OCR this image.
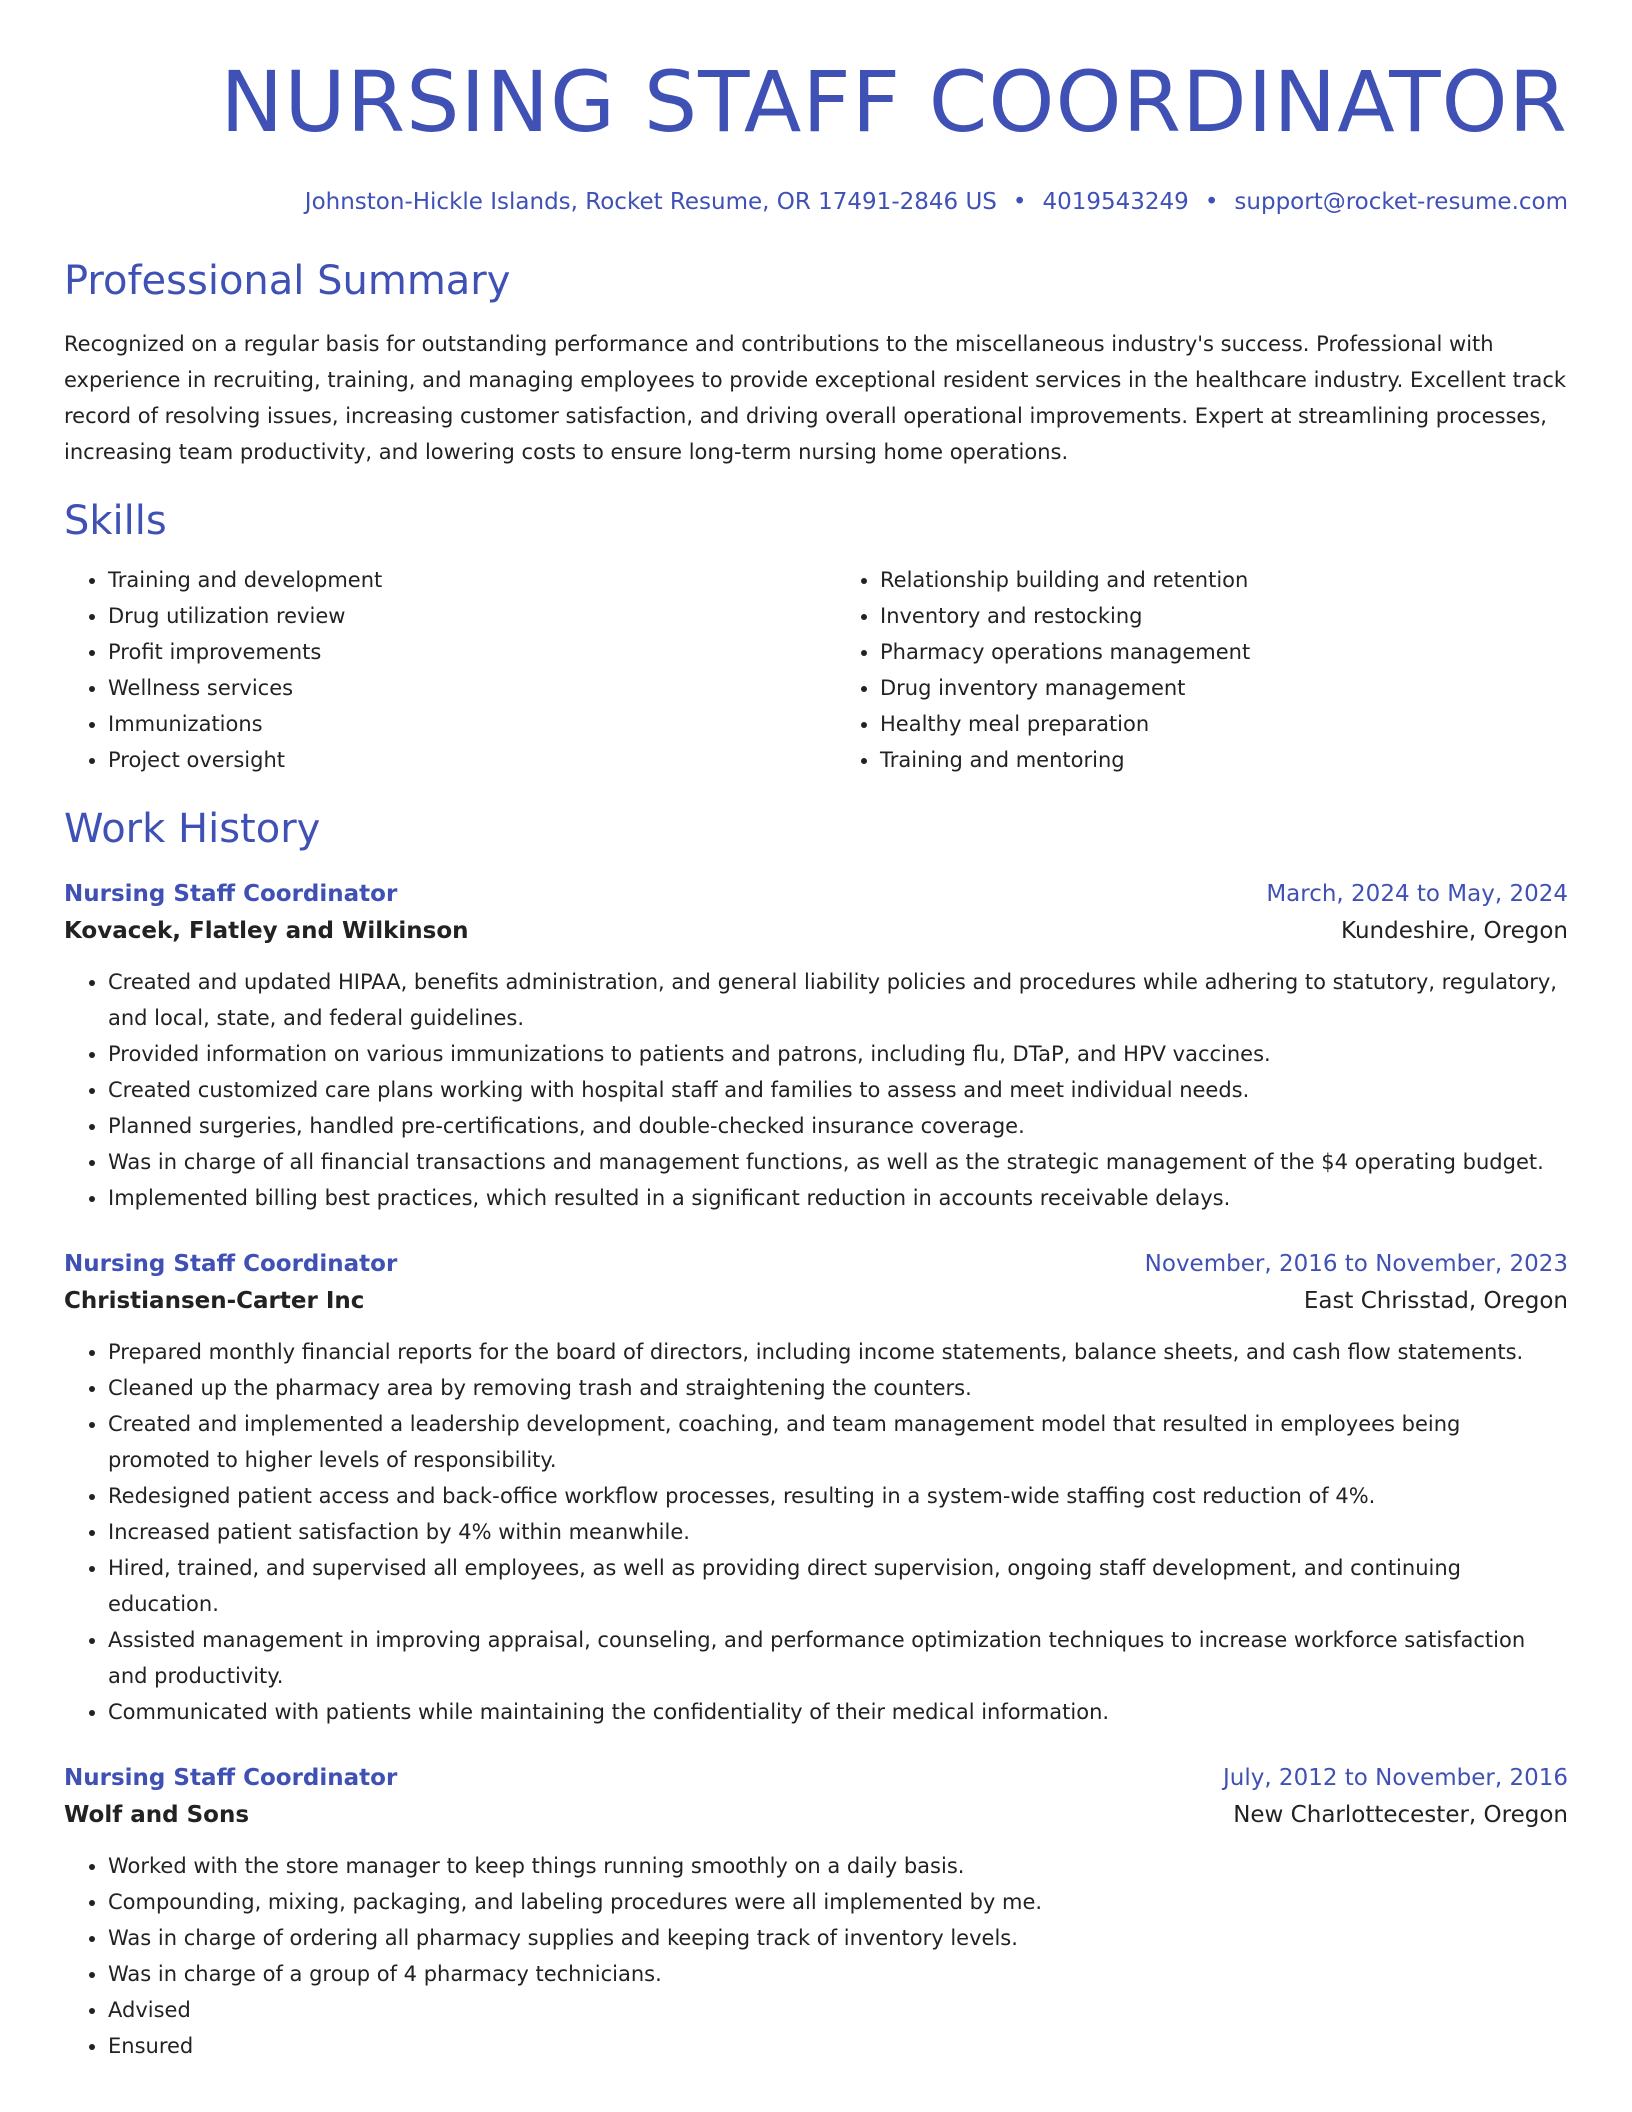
NURSING STAFF COORDINATOR
Johnston-Hickle Islands, Rocket Resume, OR 17491-2846 US • 4019543249 • support@rocket-resume.com
Professional Summary
Recognized on a regular basis for outstanding performance and contributions to the miscellaneous industry's success. Professional with experience in recruiting, training, and managing employees to provide exceptional resident services in the healthcare industry. Excellent track record of resolving issues, increasing customer satisfaction, and driving overall operational improvements. Expert at streamlining processes, increasing team productivity, and lowering costs to ensure long-term nursing home operations.
Skills
• Training and development
• Drug utilization review
• Profit improvements
• Wellness services
• Immunizations
• Project oversight
• Relationship building and retention
• Inventory and restocking
• Pharmacy operations management
• Drug inventory management
• Healthy meal preparation
• Training and mentoring
Work History
Nursing Staff Coordinator	March, 2024 to May, 2024
Kovacek, Flatley and Wilkinson	Kundeshire, Oregon
• Created and updated HIPAA, benefits administration, and general liability policies and procedures while adhering to statutory, regulatory, and local, state, and federal guidelines.
• Provided information on various immunizations to patients and patrons, including flu, DTaP, and HPV vaccines.
• Created customized care plans working with hospital staff and families to assess and meet individual needs.
• Planned surgeries, handled pre-certifications, and double-checked insurance coverage.
• Was in charge of all financial transactions and management functions, as well as the strategic management of the $4 operating budget.
• Implemented billing best practices, which resulted in a significant reduction in accounts receivable delays.
Nursing Staff Coordinator	November, 2016 to November, 2023
Christiansen-Carter Inc	East Chrisstad, Oregon
• Prepared monthly financial reports for the board of directors, including income statements, balance sheets, and cash flow statements.
• Cleaned up the pharmacy area by removing trash and straightening the counters.
• Created and implemented a leadership development, coaching, and team management model that resulted in employees being promoted to higher levels of responsibility.
• Redesigned patient access and back-office workflow processes, resulting in a system-wide staffing cost reduction of 4%.
• Increased patient satisfaction by 4% within meanwhile.
• Hired, trained, and supervised all employees, as well as providing direct supervision, ongoing staff development, and continuing education.
• Assisted management in improving appraisal, counseling, and performance optimization techniques to increase workforce satisfaction and productivity.
• Communicated with patients while maintaining the confidentiality of their medical information.
Nursing Staff Coordinator	July, 2012 to November, 2016
Wolf and Sons	New Charlottecester, Oregon
• Worked with the store manager to keep things running smoothly on a daily basis.
• Compounding, mixing, packaging, and labeling procedures were all implemented by me.
• Was in charge of ordering all pharmacy supplies and keeping track of inventory levels.
• Was in charge of a group of 4 pharmacy technicians.
• Advised
• Ensured
